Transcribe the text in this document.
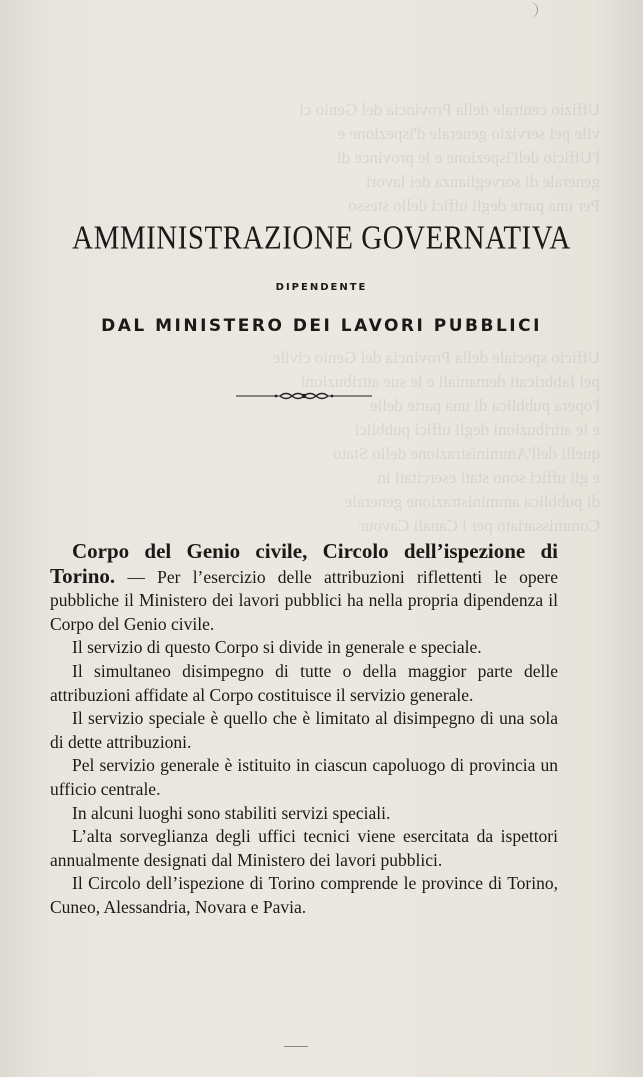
Uffizio centrale della Provincia del Genio ci
vile pel servizio generale d'ispezione e
l'Ufficio dell'ispezione e le province di
generale di sorveglianza dei lavori
Per una parte degli uffici dello stesso
Ufficio speciale della Provincia del Genio civile
pel fabbricati demaniali e le sue attribuzioni
l'opera pubblica di una parte delle
e le attribuzioni degli uffici pubblici
quelli dell'Amministrazione dello Stato
e gli uffici sono stati esercitati in
di pubblica amministrazione generale
Commissariato per i Canali Cavour
AMMINISTRAZIONE GOVERNATIVA
DIPENDENTE
DAL MINISTERO DEI LAVORI PUBBLICI

Corpo del Genio civile, Circolo dell’ispezione di Torino. — Per l’esercizio delle attribuzioni riflettenti le opere pubbliche il Ministero dei lavori pubblici ha nella propria dipendenza il Corpo del Genio civile.

Il servizio di questo Corpo si divide in generale e speciale.

Il simultaneo disimpegno di tutte o della maggior parte delle attribuzioni affidate al Corpo costituisce il servizio generale.

Il servizio speciale è quello che è limitato al disimpegno di una sola di dette attribuzioni.

Pel servizio generale è istituito in ciascun capoluogo di provincia un ufficio centrale.

In alcuni luoghi sono stabiliti servizi speciali.

L’alta sorveglianza degli uffici tecnici viene esercitata da ispettori annualmente designati dal Ministero dei lavori pubblici.

Il Circolo dell’ispezione di Torino comprende le province di Torino, Cuneo, Alessandria, Novara e Pavia.
